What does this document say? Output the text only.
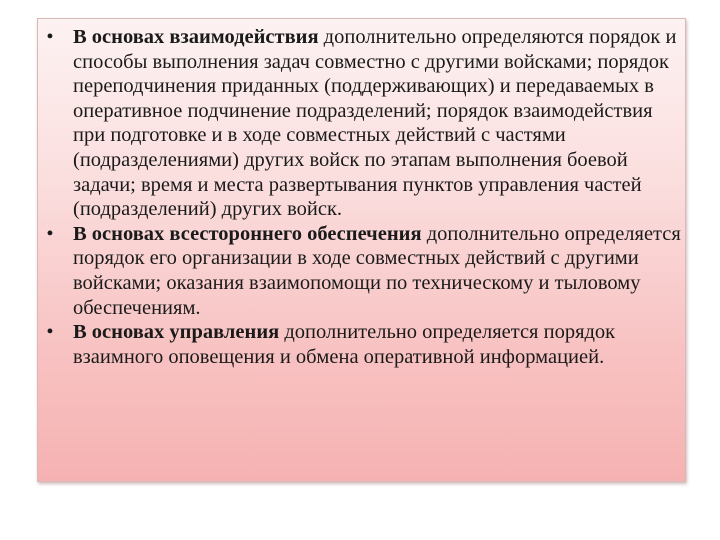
• В основах взаимодействия дополнительно определяются порядок и способы выполнения задач совместно с другими войсками; порядок переподчинения приданных (поддерживающих) и передаваемых в оперативное подчинение подразделений; порядок взаимодействия при подготовке и в ходе совместных действий с частями (подразделениями) других войск по этапам выполнения боевой задачи; время и места развертывания пунктов управления частей (подразделений) других войск.
• В основах всестороннего обеспечения дополнительно определяется порядок его организации в ходе совместных действий с другими войсками; оказания взаимопомощи по техническому и тыловому обеспечениям.
• В основах управления дополнительно определяется порядок взаимного оповещения и обмена оперативной информацией.
